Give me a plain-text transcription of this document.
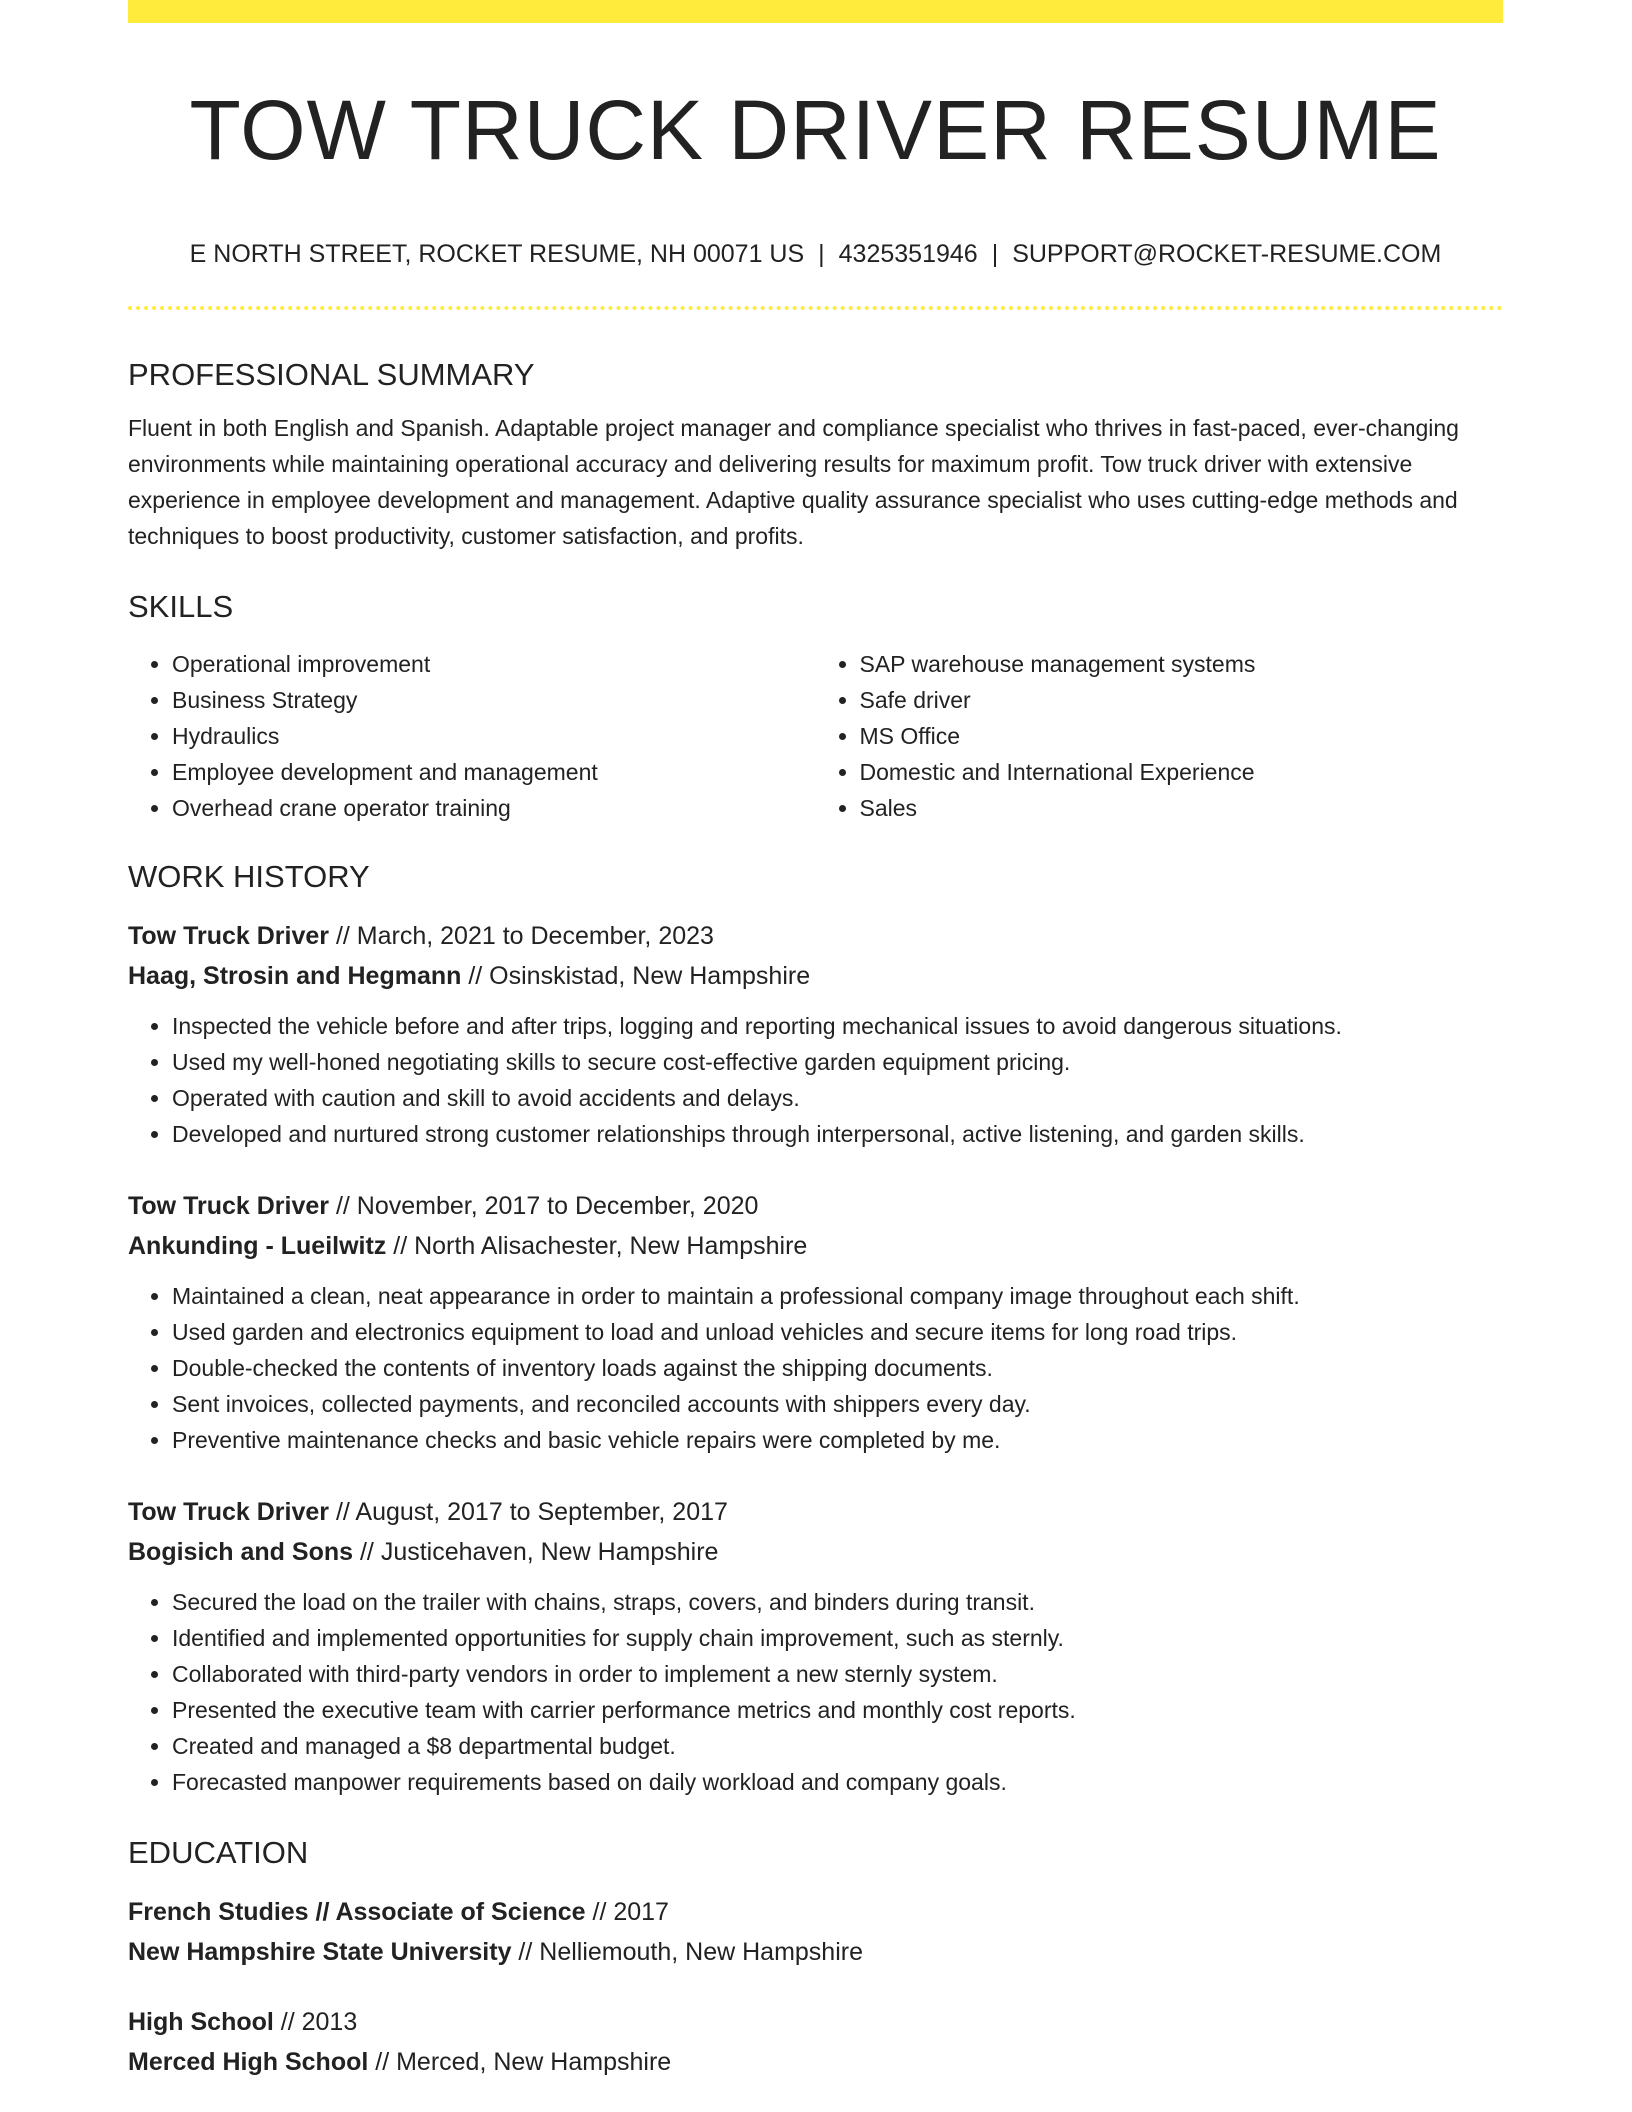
TOW TRUCK DRIVER RESUME
E NORTH STREET, ROCKET RESUME, NH 00071 US | 4325351946 | SUPPORT@ROCKET-RESUME.COM
PROFESSIONAL SUMMARY

Fluent in both English and Spanish. Adaptable project manager and compliance specialist who thrives in fast-paced, ever-changing environments while maintaining operational accuracy and delivering results for maximum profit. Tow truck driver with extensive experience in employee development and management. Adaptive quality assurance specialist who uses cutting-edge methods and techniques to boost productivity, customer satisfaction, and profits.

SKILLS
• Operational improvement
• Business Strategy
• Hydraulics
• Employee development and management
• Overhead crane operator training
• SAP warehouse management systems
• Safe driver
• MS Office
• Domestic and International Experience
• Sales
WORK HISTORY
Tow Truck Driver // March, 2021 to December, 2023
Haag, Strosin and Hegmann // Osinskistad, New Hampshire
• Inspected the vehicle before and after trips, logging and reporting mechanical issues to avoid dangerous situations.
• Used my well-honed negotiating skills to secure cost-effective garden equipment pricing.
• Operated with caution and skill to avoid accidents and delays.
• Developed and nurtured strong customer relationships through interpersonal, active listening, and garden skills.
Tow Truck Driver // November, 2017 to December, 2020
Ankunding - Lueilwitz // North Alisachester, New Hampshire
• Maintained a clean, neat appearance in order to maintain a professional company image throughout each shift.
• Used garden and electronics equipment to load and unload vehicles and secure items for long road trips.
• Double-checked the contents of inventory loads against the shipping documents.
• Sent invoices, collected payments, and reconciled accounts with shippers every day.
• Preventive maintenance checks and basic vehicle repairs were completed by me.
Tow Truck Driver // August, 2017 to September, 2017
Bogisich and Sons // Justicehaven, New Hampshire
• Secured the load on the trailer with chains, straps, covers, and binders during transit.
• Identified and implemented opportunities for supply chain improvement, such as sternly.
• Collaborated with third-party vendors in order to implement a new sternly system.
• Presented the executive team with carrier performance metrics and monthly cost reports.
• Created and managed a $8 departmental budget.
• Forecasted manpower requirements based on daily workload and company goals.
EDUCATION
French Studies // Associate of Science // 2017
New Hampshire State University // Nelliemouth, New Hampshire
High School // 2013
Merced High School // Merced, New Hampshire
